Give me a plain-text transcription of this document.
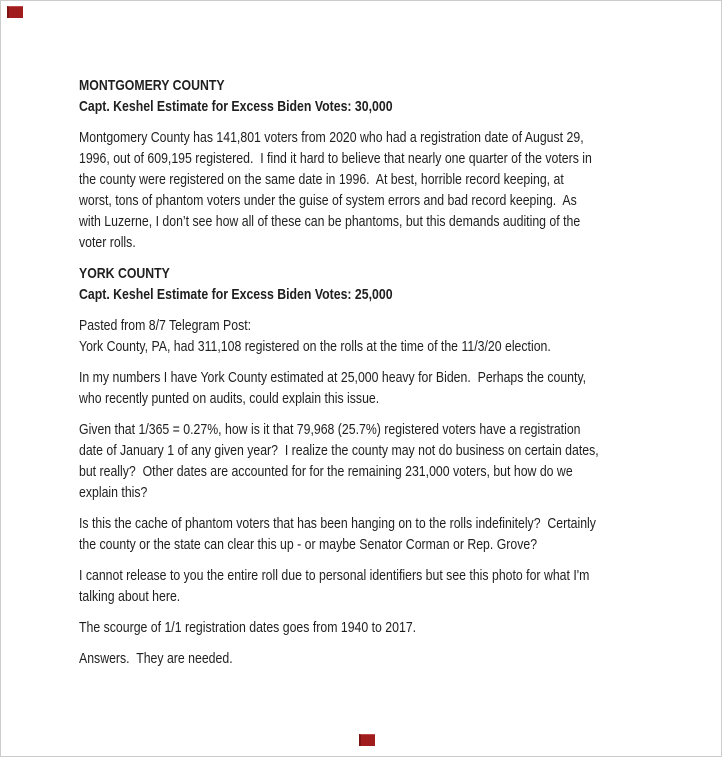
MONTGOMERY COUNTY
Capt. Keshel Estimate for Excess Biden Votes: 30,000
Montgomery County has 141,801 voters from 2020 who had a registration date of August 29,
1996, out of 609,195 registered.  I find it hard to believe that nearly one quarter of the voters in
the county were registered on the same date in 1996.  At best, horrible record keeping, at
worst, tons of phantom voters under the guise of system errors and bad record keeping.  As
with Luzerne, I don’t see how all of these can be phantoms, but this demands auditing of the
voter rolls.
YORK COUNTY
Capt. Keshel Estimate for Excess Biden Votes: 25,000
Pasted from 8/7 Telegram Post:
York County, PA, had 311,108 registered on the rolls at the time of the 11/3/20 election.
In my numbers I have York County estimated at 25,000 heavy for Biden.  Perhaps the county,
who recently punted on audits, could explain this issue.
Given that 1/365 = 0.27%, how is it that 79,968 (25.7%) registered voters have a registration
date of January 1 of any given year?  I realize the county may not do business on certain dates,
but really?  Other dates are accounted for for the remaining 231,000 voters, but how do we
explain this?
Is this the cache of phantom voters that has been hanging on to the rolls indefinitely?  Certainly
the county or the state can clear this up - or maybe Senator Corman or Rep. Grove?
I cannot release to you the entire roll due to personal identifiers but see this photo for what I'm
talking about here.
The scourge of 1/1 registration dates goes from 1940 to 2017.
Answers.  They are needed.
